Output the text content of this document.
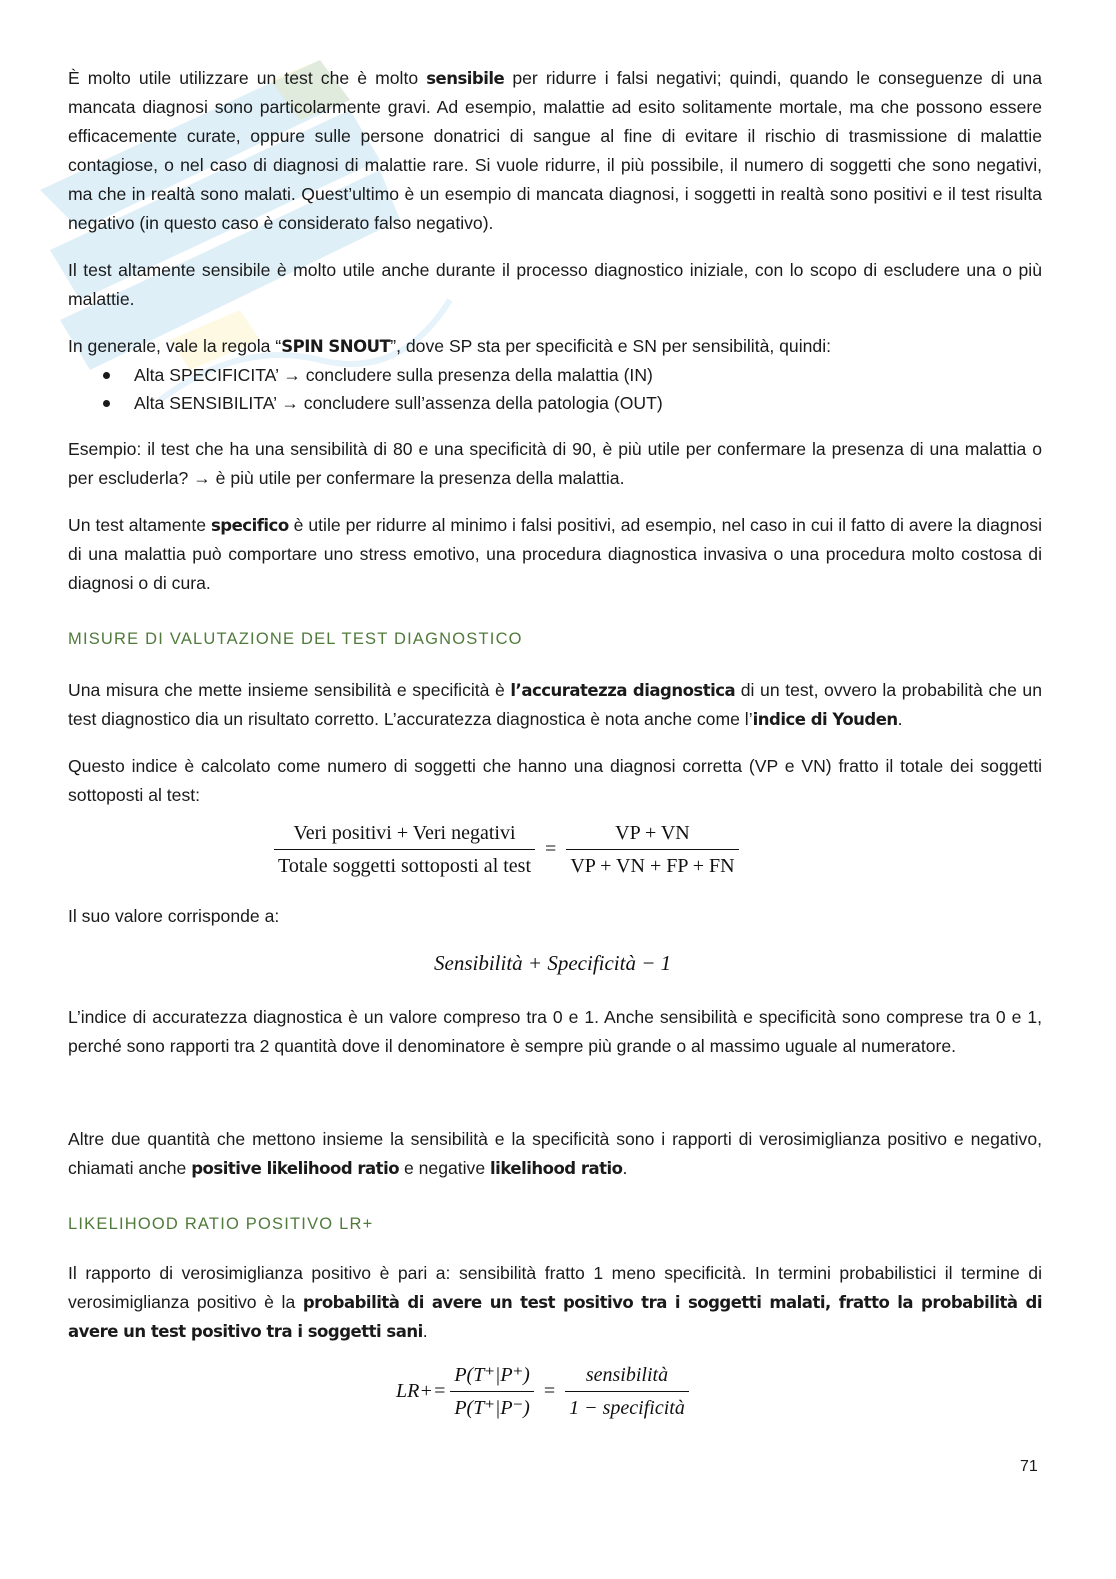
È molto utile utilizzare un test che è molto sensibile per ridurre i falsi negativi; quindi, quando le conseguenze di una mancata diagnosi sono particolarmente gravi. Ad esempio, malattie ad esito solitamente mortale, ma che possono essere efficacemente curate, oppure sulle persone donatrici di sangue al fine di evitare il rischio di trasmissione di malattie contagiose, o nel caso di diagnosi di malattie rare. Si vuole ridurre, il più possibile, il numero di soggetti che sono negativi, ma che in realtà sono malati. Quest’ultimo è un esempio di mancata diagnosi, i soggetti in realtà sono positivi e il test risulta negativo (in questo caso è considerato falso negativo).

Il test altamente sensibile è molto utile anche durante il processo diagnostico iniziale, con lo scopo di escludere una o più malattie.

In generale, vale la regola “SPIN SNOUT”, dove SP sta per specificità e SN per sensibilità, quindi:

Alta SPECIFICITA’ → concludere sulla presenza della malattia (IN)
Alta SENSIBILITA’ → concludere sull’assenza della patologia (OUT)

Esempio: il test che ha una sensibilità di 80 e una specificità di 90, è più utile per confermare la presenza di una malattia o per escluderla? → è più utile per confermare la presenza della malattia.

Un test altamente specifico è utile per ridurre al minimo i falsi positivi, ad esempio, nel caso in cui il fatto di avere la diagnosi di una malattia può comportare uno stress emotivo, una procedura diagnostica invasiva o una procedura molto costosa di diagnosi o di cura.

MISURE DI VALUTAZIONE DEL TEST DIAGNOSTICO

Una misura che mette insieme sensibilità e specificità è l’accuratezza diagnostica di un test, ovvero la probabilità che un test diagnostico dia un risultato corretto. L’accuratezza diagnostica è nota anche come l’indice di Youden.

Questo indice è calcolato come numero di soggetti che hanno una diagnosi corretta (VP e VN) fratto il totale dei soggetti sottoposti al test:

$\frac{\text{Veri positivi + Veri negativi}}{\text{Totale soggetti sottoposti al test}} = \frac{VP + VN}{VP + VN + FP + FN}$

Il suo valore corrisponde a:

Sensibilità + Specificità − 1

L’indice di accuratezza diagnostica è un valore compreso tra 0 e 1. Anche sensibilità e specificità sono comprese tra 0 e 1, perché sono rapporti tra 2 quantità dove il denominatore è sempre più grande o al massimo uguale al numeratore.

Altre due quantità che mettono insieme la sensibilità e la specificità sono i rapporti di verosimiglianza positivo e negativo, chiamati anche positive likelihood ratio e negative likelihood ratio.

LIKELIHOOD RATIO POSITIVO LR+

Il rapporto di verosimiglianza positivo è pari a: sensibilità fratto 1 meno specificità. In termini probabilistici il termine di verosimiglianza positivo è la probabilità di avere un test positivo tra i soggetti malati, fratto la probabilità di avere un test positivo tra i soggetti sani.

$LR+= \frac{P(T^+|P^+)}{P(T^+|P^-)} = \frac{\text{sensibilità}}{\text{1 − specificità}}$
71
